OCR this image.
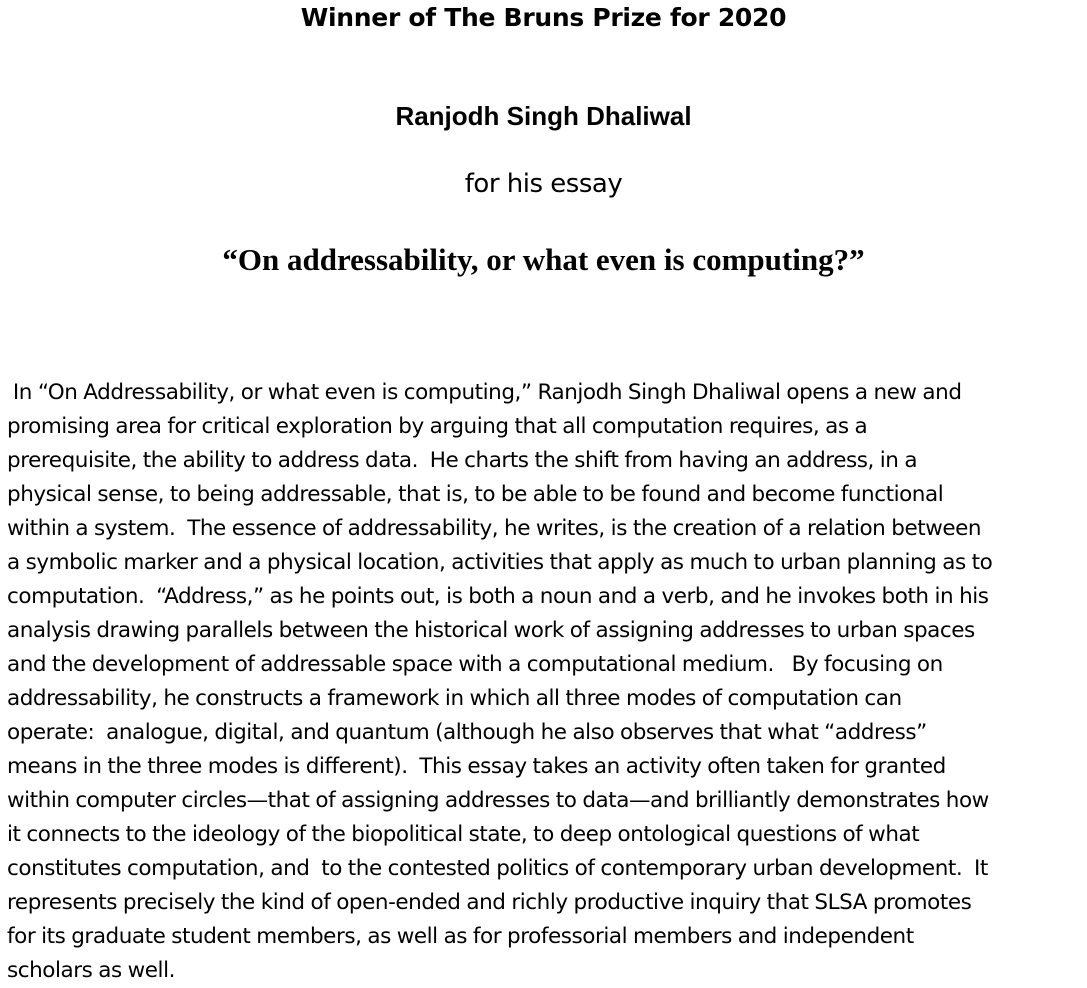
Winner of The Bruns Prize for 2020
Ranjodh Singh Dhaliwal

for his essay

“On addressability, or what even is computing?”
In “On Addressability, or what even is computing,” Ranjodh Singh Dhaliwal opens a new and
promising area for critical exploration by arguing that all computation requires, as a
prerequisite, the ability to address data.  He charts the shift from having an address, in a
physical sense, to being addressable, that is, to be able to be found and become functional
within a system.  The essence of addressability, he writes, is the creation of a relation between
a symbolic marker and a physical location, activities that apply as much to urban planning as to
computation.  “Address,” as he points out, is both a noun and a verb, and he invokes both in his
analysis drawing parallels between the historical work of assigning addresses to urban spaces
and the development of addressable space with a computational medium.   By focusing on
addressability, he constructs a framework in which all three modes of computation can
operate:  analogue, digital, and quantum (although he also observes that what “address”
means in the three modes is different).  This essay takes an activity often taken for granted
within computer circles—that of assigning addresses to data—and brilliantly demonstrates how
it connects to the ideology of the biopolitical state, to deep ontological questions of what
constitutes computation, and  to the contested politics of contemporary urban development.  It
represents precisely the kind of open-ended and richly productive inquiry that SLSA promotes
for its graduate student members, as well as for professorial members and independent
scholars as well.
